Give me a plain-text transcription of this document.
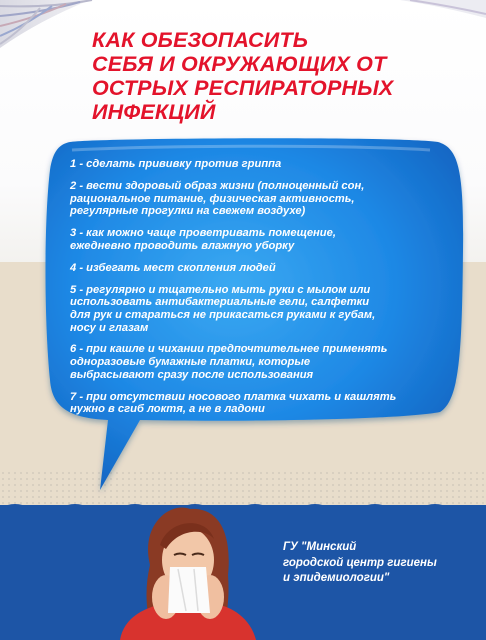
КАК ОБЕЗОПАСИТЬ
СЕБЯ И ОКРУЖАЮЩИХ ОТ
ОСТРЫХ РЕСПИРАТОРНЫХ
ИНФЕКЦИЙ
1 - сделать прививку против гриппа
2 - вести здоровый образ жизни (полноценный сон,
рациональное питание, физическая активность,
регулярные прогулки на свежем воздухе)
3 - как можно чаще проветривать помещение,
ежедневно проводить влажную уборку
4 - избегать мест скопления людей
5 - регулярно и тщательно мыть руки с мылом или
использовать антибактериальные гели, салфетки
для рук и стараться не прикасаться руками к губам,
носу и глазам
6 - при кашле и чихании предпочтительнее применять
одноразовые бумажные платки, которые
выбрасывают сразу после использования
7 - при отсутствии носового платка чихать и кашлять
нужно в сгиб локтя, а не в ладони

ГУ "Минский
городской центр гигиены
и эпидемиологии"
